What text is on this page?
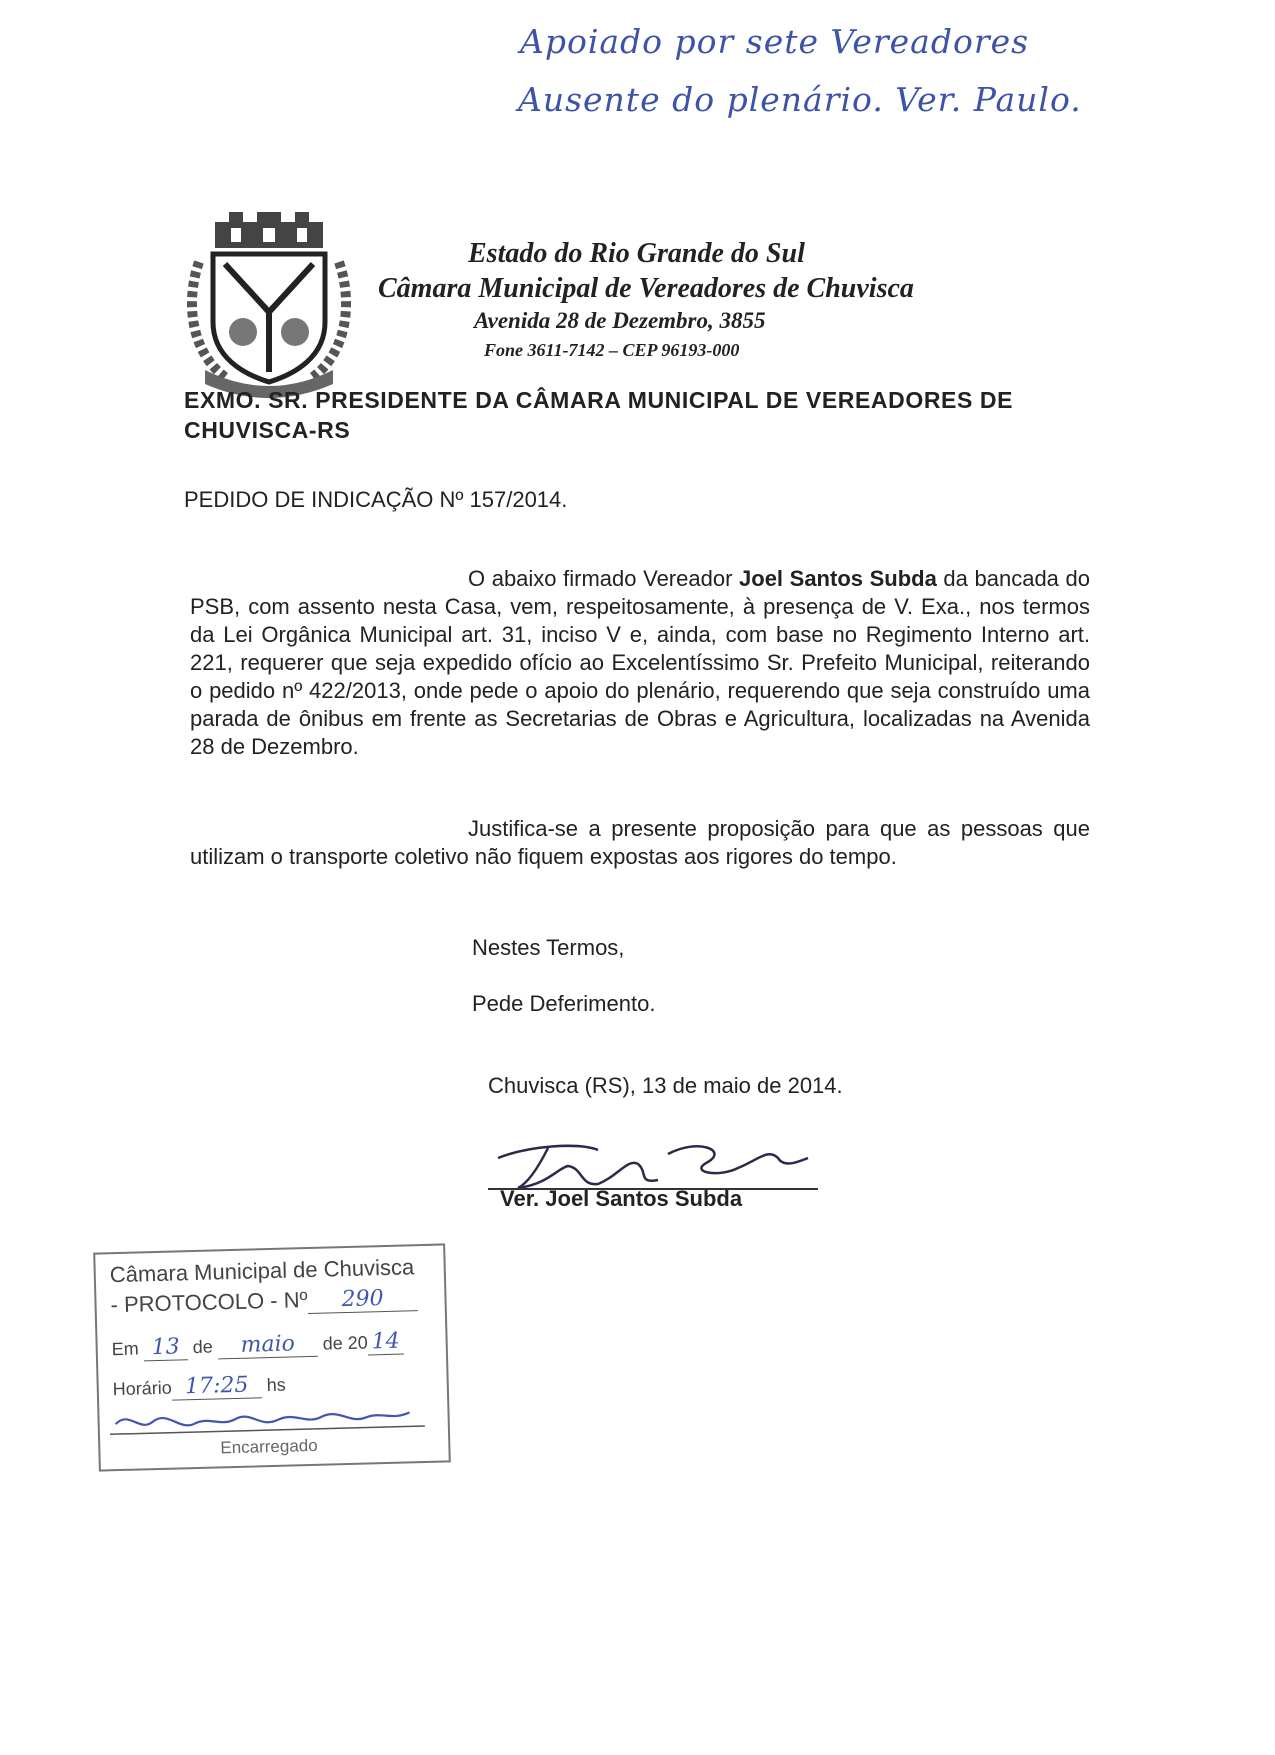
Apoiado por sete Vereadores
Ausente do plenário. Ver. Paulo.
Estado do Rio Grande do Sul
Câmara Municipal de Vereadores de Chuvisca
Avenida 28 de Dezembro, 3855
Fone 3611-7142 – CEP 96193-000
EXMO. SR. PRESIDENTE DA CÂMARA MUNICIPAL DE VEREADORES DE CHUVISCA-RS
PEDIDO DE INDICAÇÃO Nº 157/2014.
O abaixo firmado Vereador Joel Santos Subda da bancada do PSB, com assento nesta Casa, vem, respeitosamente, à presença de V. Exa., nos termos da Lei Orgânica Municipal art. 31, inciso V e, ainda, com base no Regimento Interno art. 221, requerer que seja expedido ofício ao Excelentíssimo Sr. Prefeito Municipal, reiterando o pedido nº 422/2013, onde pede o apoio do plenário, requerendo que seja construído uma parada de ônibus em frente as Secretarias de Obras e Agricultura, localizadas na Avenida 28 de Dezembro.
Justifica-se a presente proposição para que as pessoas que utilizam o transporte coletivo não fiquem expostas aos rigores do tempo.
Nestes Termos,
Pede Deferimento.
Chuvisca (RS), 13 de maio de 2014.
Ver. Joel Santos Subda
Câmara Municipal de Chuvisca
- PROTOCOLO - Nº 290
Em 13 de maio de 20 14
Horário 17:25 hs
Encarregado
